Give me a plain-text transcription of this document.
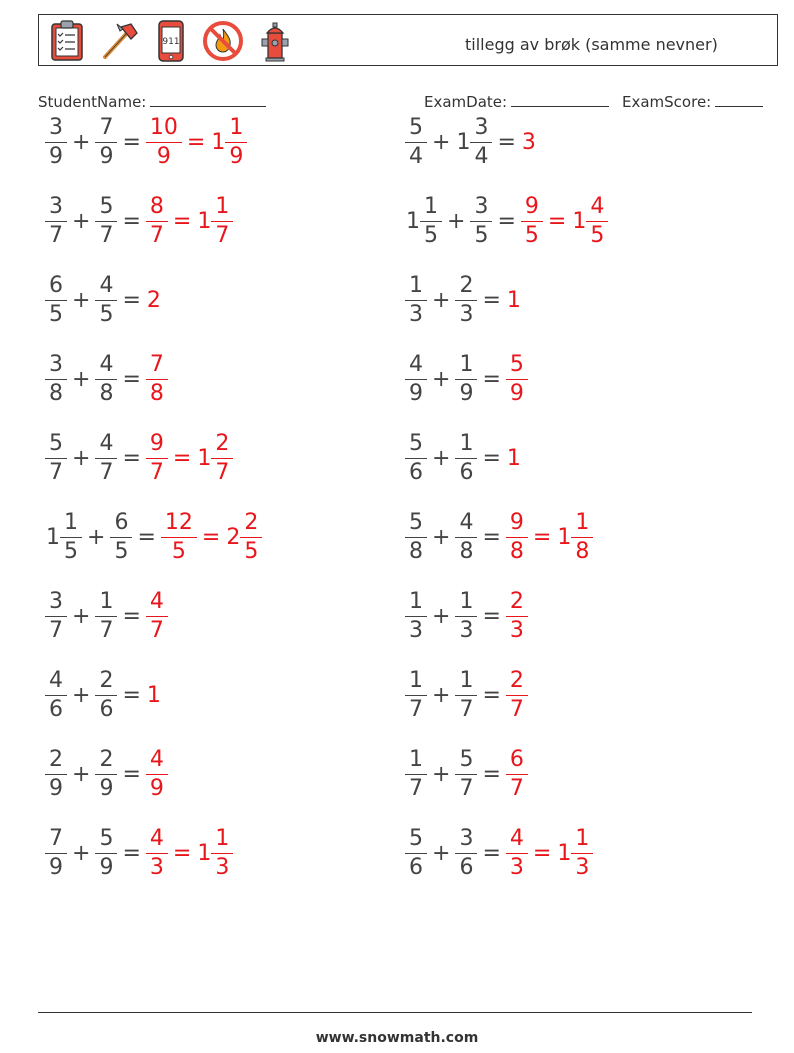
911	tillegg av brøk (samme nevner)
StudentName:	ExamDate:	ExamScore:
$\frac{3}{9} + \frac{7}{9} = \frac{10}{9} = 1 \frac{1}{9}$	$\frac{5}{4} + 1 \frac{3}{4} = 3$
$\frac{3}{7} + \frac{5}{7} = \frac{8}{7} = 1 \frac{1}{7}$	$1 \frac{1}{5} + \frac{3}{5} = \frac{9}{5} = 1 \frac{4}{5}$
$\frac{6}{5} + \frac{4}{5} = 2$	$\frac{1}{3} + \frac{2}{3} = 1$
$\frac{3}{8} + \frac{4}{8} = \frac{7}{8}$	$\frac{4}{9} + \frac{1}{9} = \frac{5}{9}$
$\frac{5}{7} + \frac{4}{7} = \frac{9}{7} = 1 \frac{2}{7}$	$\frac{5}{6} + \frac{1}{6} = 1$
$1 \frac{1}{5} + \frac{6}{5} = \frac{12}{5} = 2 \frac{2}{5}$	$\frac{5}{8} + \frac{4}{8} = \frac{9}{8} = 1 \frac{1}{8}$
$\frac{3}{7} + \frac{1}{7} = \frac{4}{7}$	$\frac{1}{3} + \frac{1}{3} = \frac{2}{3}$
$\frac{4}{6} + \frac{2}{6} = 1$	$\frac{1}{7} + \frac{1}{7} = \frac{2}{7}$
$\frac{2}{9} + \frac{2}{9} = \frac{4}{9}$	$\frac{1}{7} + \frac{5}{7} = \frac{6}{7}$
$\frac{7}{9} + \frac{5}{9} = \frac{4}{3} = 1 \frac{1}{3}$	$\frac{5}{6} + \frac{3}{6} = \frac{4}{3} = 1 \frac{1}{3}$
www.snowmath.com
